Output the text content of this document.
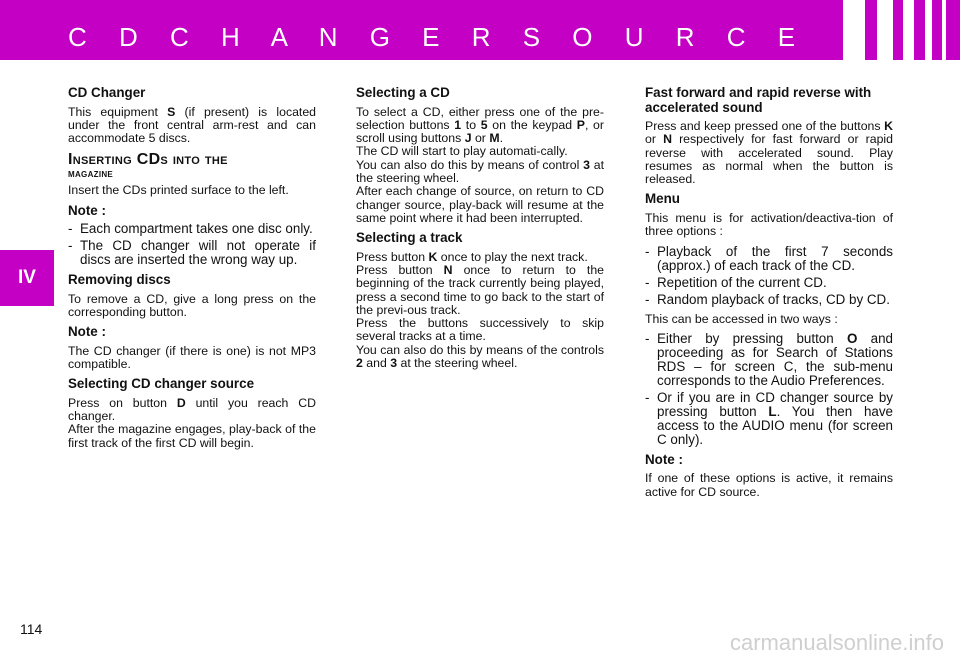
C D C H A N G E R S O U R C E
IV
CD Changer

This equipment S (if present) is located under the front central arm-rest and can accommodate 5 discs.

Inserting CDs into the
magazine

Insert the CDs printed surface to the left.

Note :
- Each compartment takes one disc only.
- The CD changer will not operate if discs are inserted the wrong way up.
Removing discs

To remove a CD, give a long press on the corresponding button.

Note :

The CD changer (if there is one) is not MP3 compatible.

Selecting CD changer source

Press on button D until you reach CD changer.

After the magazine engages, play-back of the first track of the first CD will begin.

Selecting a CD

To select a CD, either press one of the pre-selection buttons 1 to 5 on the keypad P, or scroll using buttons J or M.

The CD will start to play automati-cally.

You can also do this by means of control 3 at the steering wheel.

After each change of source, on return to CD changer source, play-back will resume at the same point where it had been interrupted.

Selecting a track

Press button K once to play the next track.

Press button N once to return to the beginning of the track currently being played, press a second time to go back to the start of the previ-ous track.

Press the buttons successively to skip several tracks at a time.

You can also do this by means of the controls 2 and 3 at the steering wheel.

Fast forward and rapid reverse with accelerated sound

Press and keep pressed one of the buttons K or N respectively for fast forward or rapid reverse with accelerated sound. Play resumes as normal when the button is released.

Menu

This menu is for activation/deactiva-tion of three options :

- Playback of the first 7 seconds (approx.) of each track of the CD.
- Repetition of the current CD.
- Random playback of tracks, CD by CD.

This can be accessed in two ways :

- Either by pressing button O and proceeding as for Search of Stations RDS – for screen C, the sub-menu corresponds to the Audio Preferences.
- Or if you are in CD changer source by pressing button L. You then have access to the AUDIO menu (for screen C only).
Note :

If one of these options is active, it remains active for CD source.

114
carmanualsonline.info
